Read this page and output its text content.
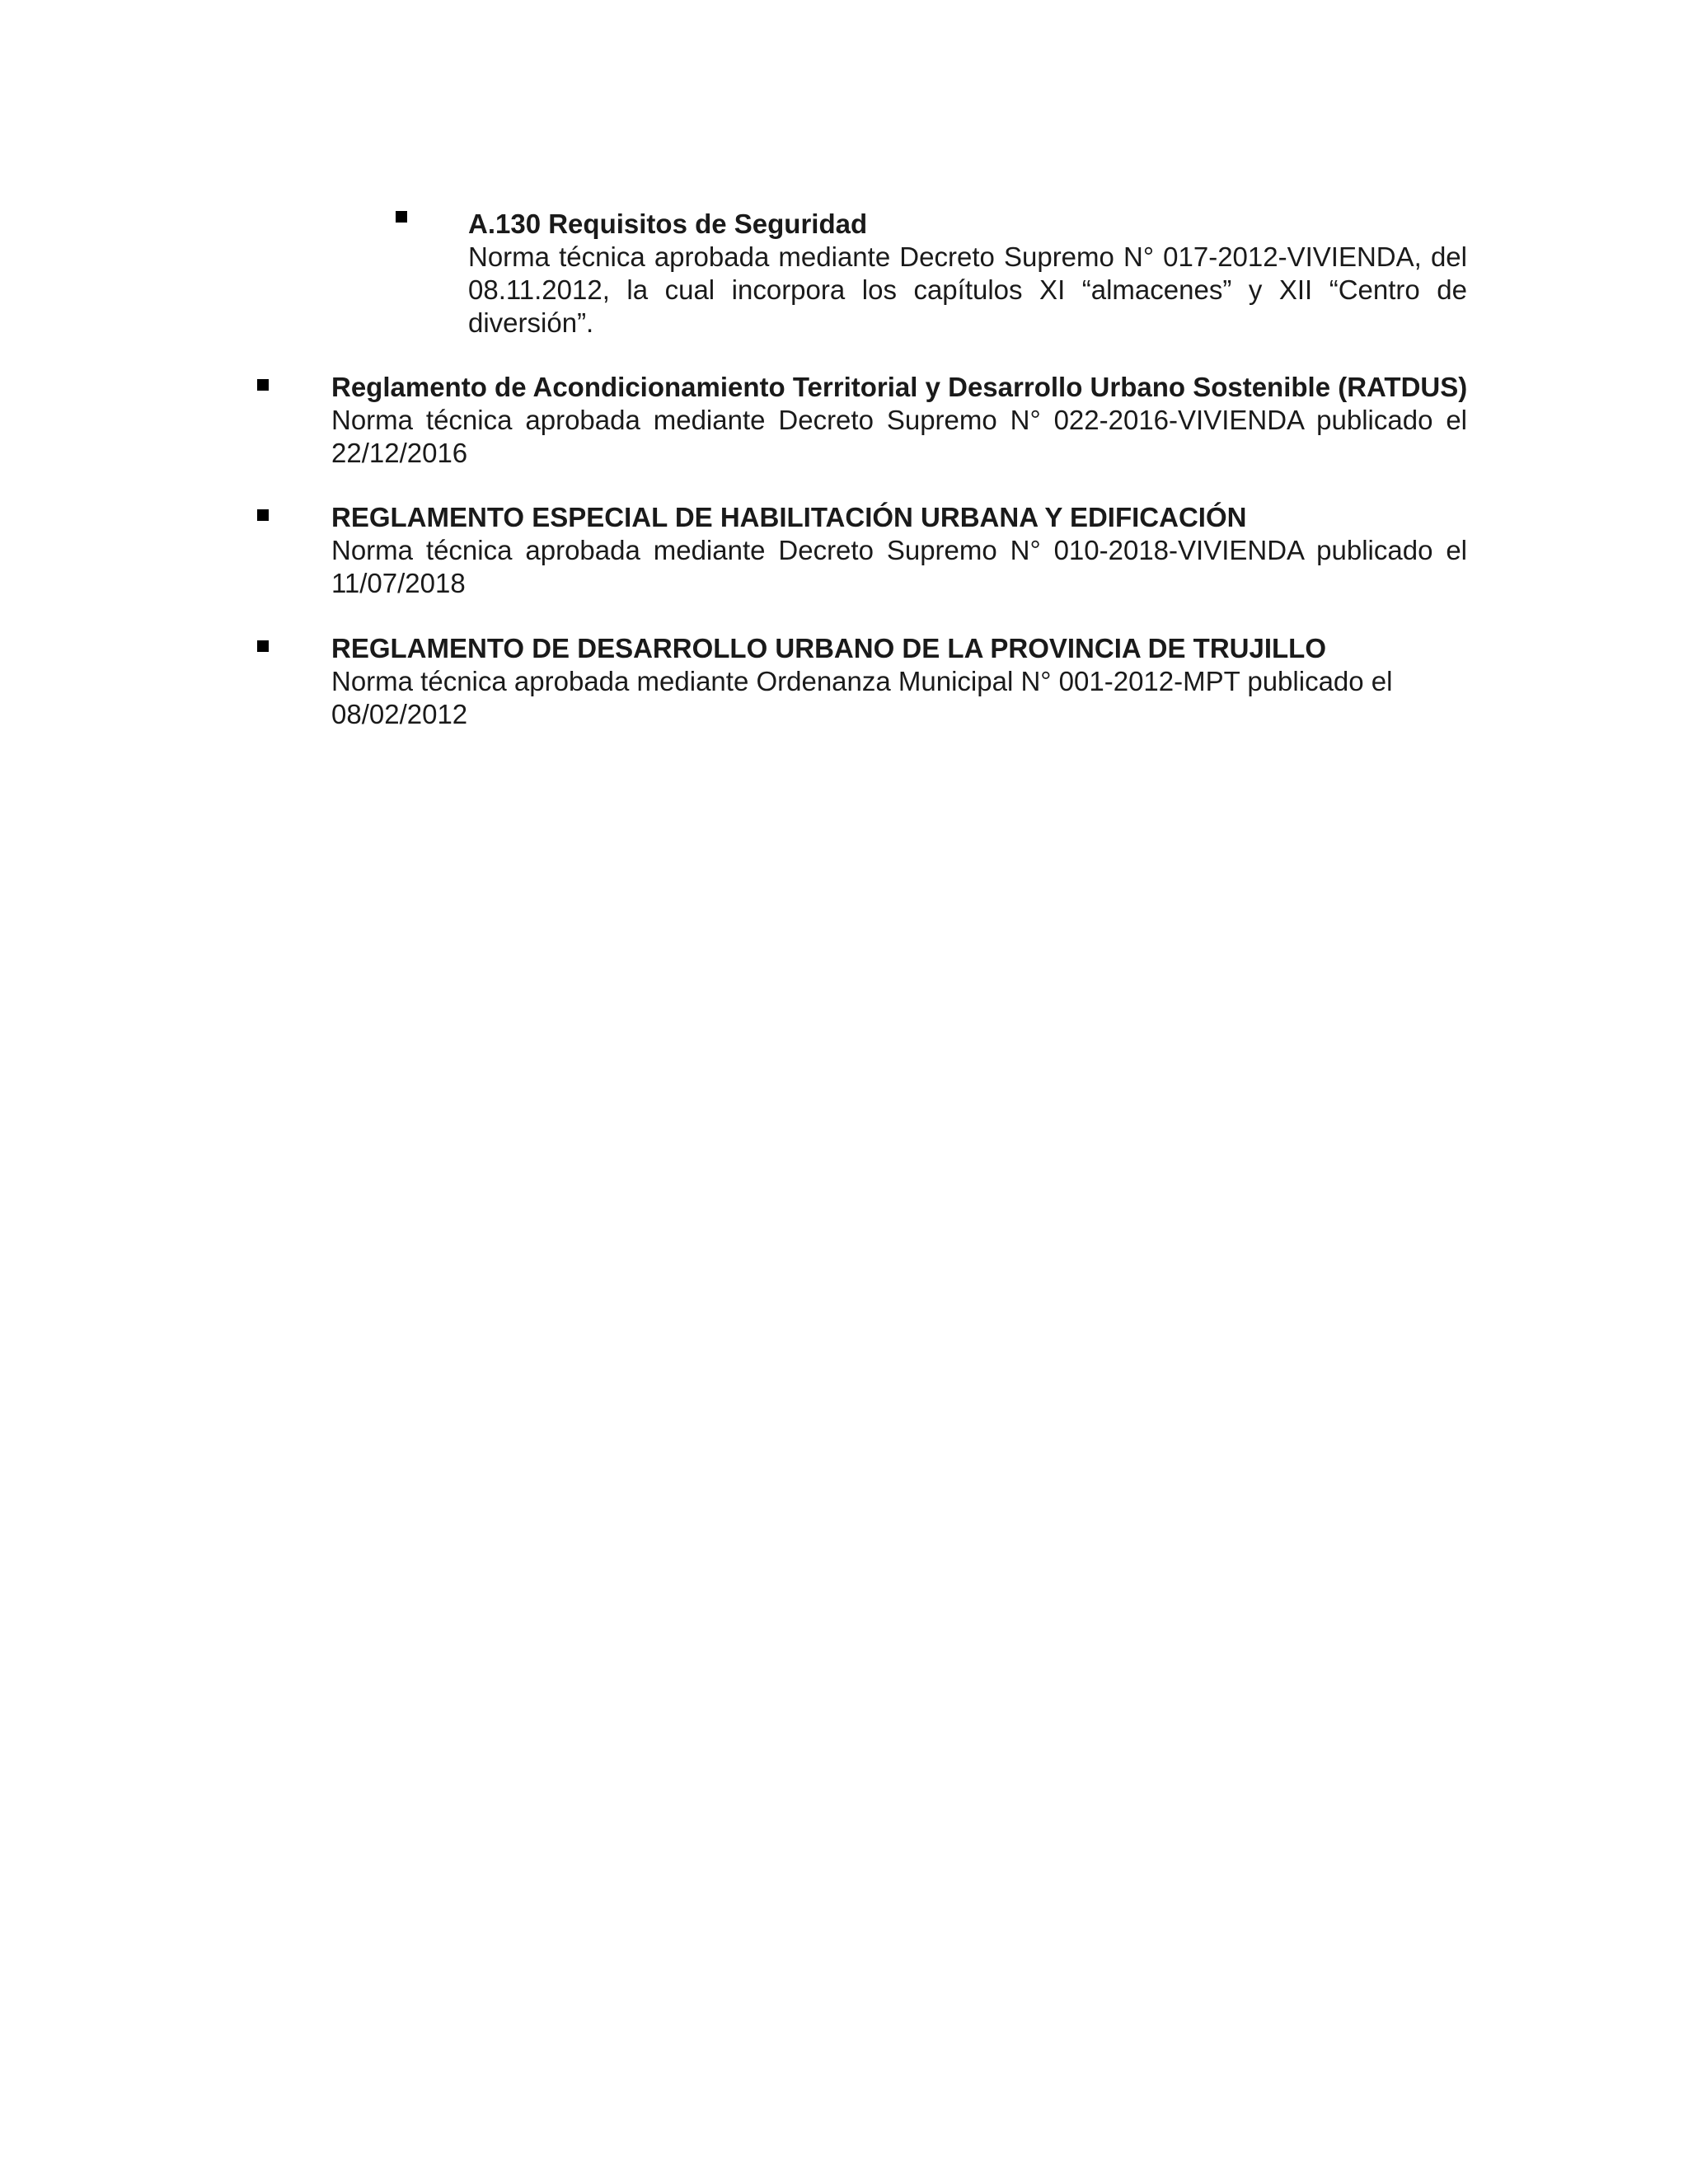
A.130 Requisitos de Seguridad

Norma técnica aprobada mediante Decreto Supremo N° 017-2012-VIVIENDA, del 08.11.2012, la cual incorpora los capítulos XI “almacenes” y XII “Centro de diversión”.

Reglamento de Acondicionamiento Territorial y Desarrollo Urbano Sostenible (RATDUS)

Norma técnica aprobada mediante Decreto Supremo N° 022-2016-VIVIENDA publicado el 22/12/2016

REGLAMENTO ESPECIAL DE HABILITACIÓN URBANA Y EDIFICACIÓN

Norma técnica aprobada mediante Decreto Supremo N° 010-2018-VIVIENDA publicado el 11/07/2018

REGLAMENTO DE DESARROLLO URBANO DE LA PROVINCIA DE TRUJILLO

Norma técnica aprobada mediante Ordenanza Municipal N° 001-2012-MPT publicado el 08/02/2012
